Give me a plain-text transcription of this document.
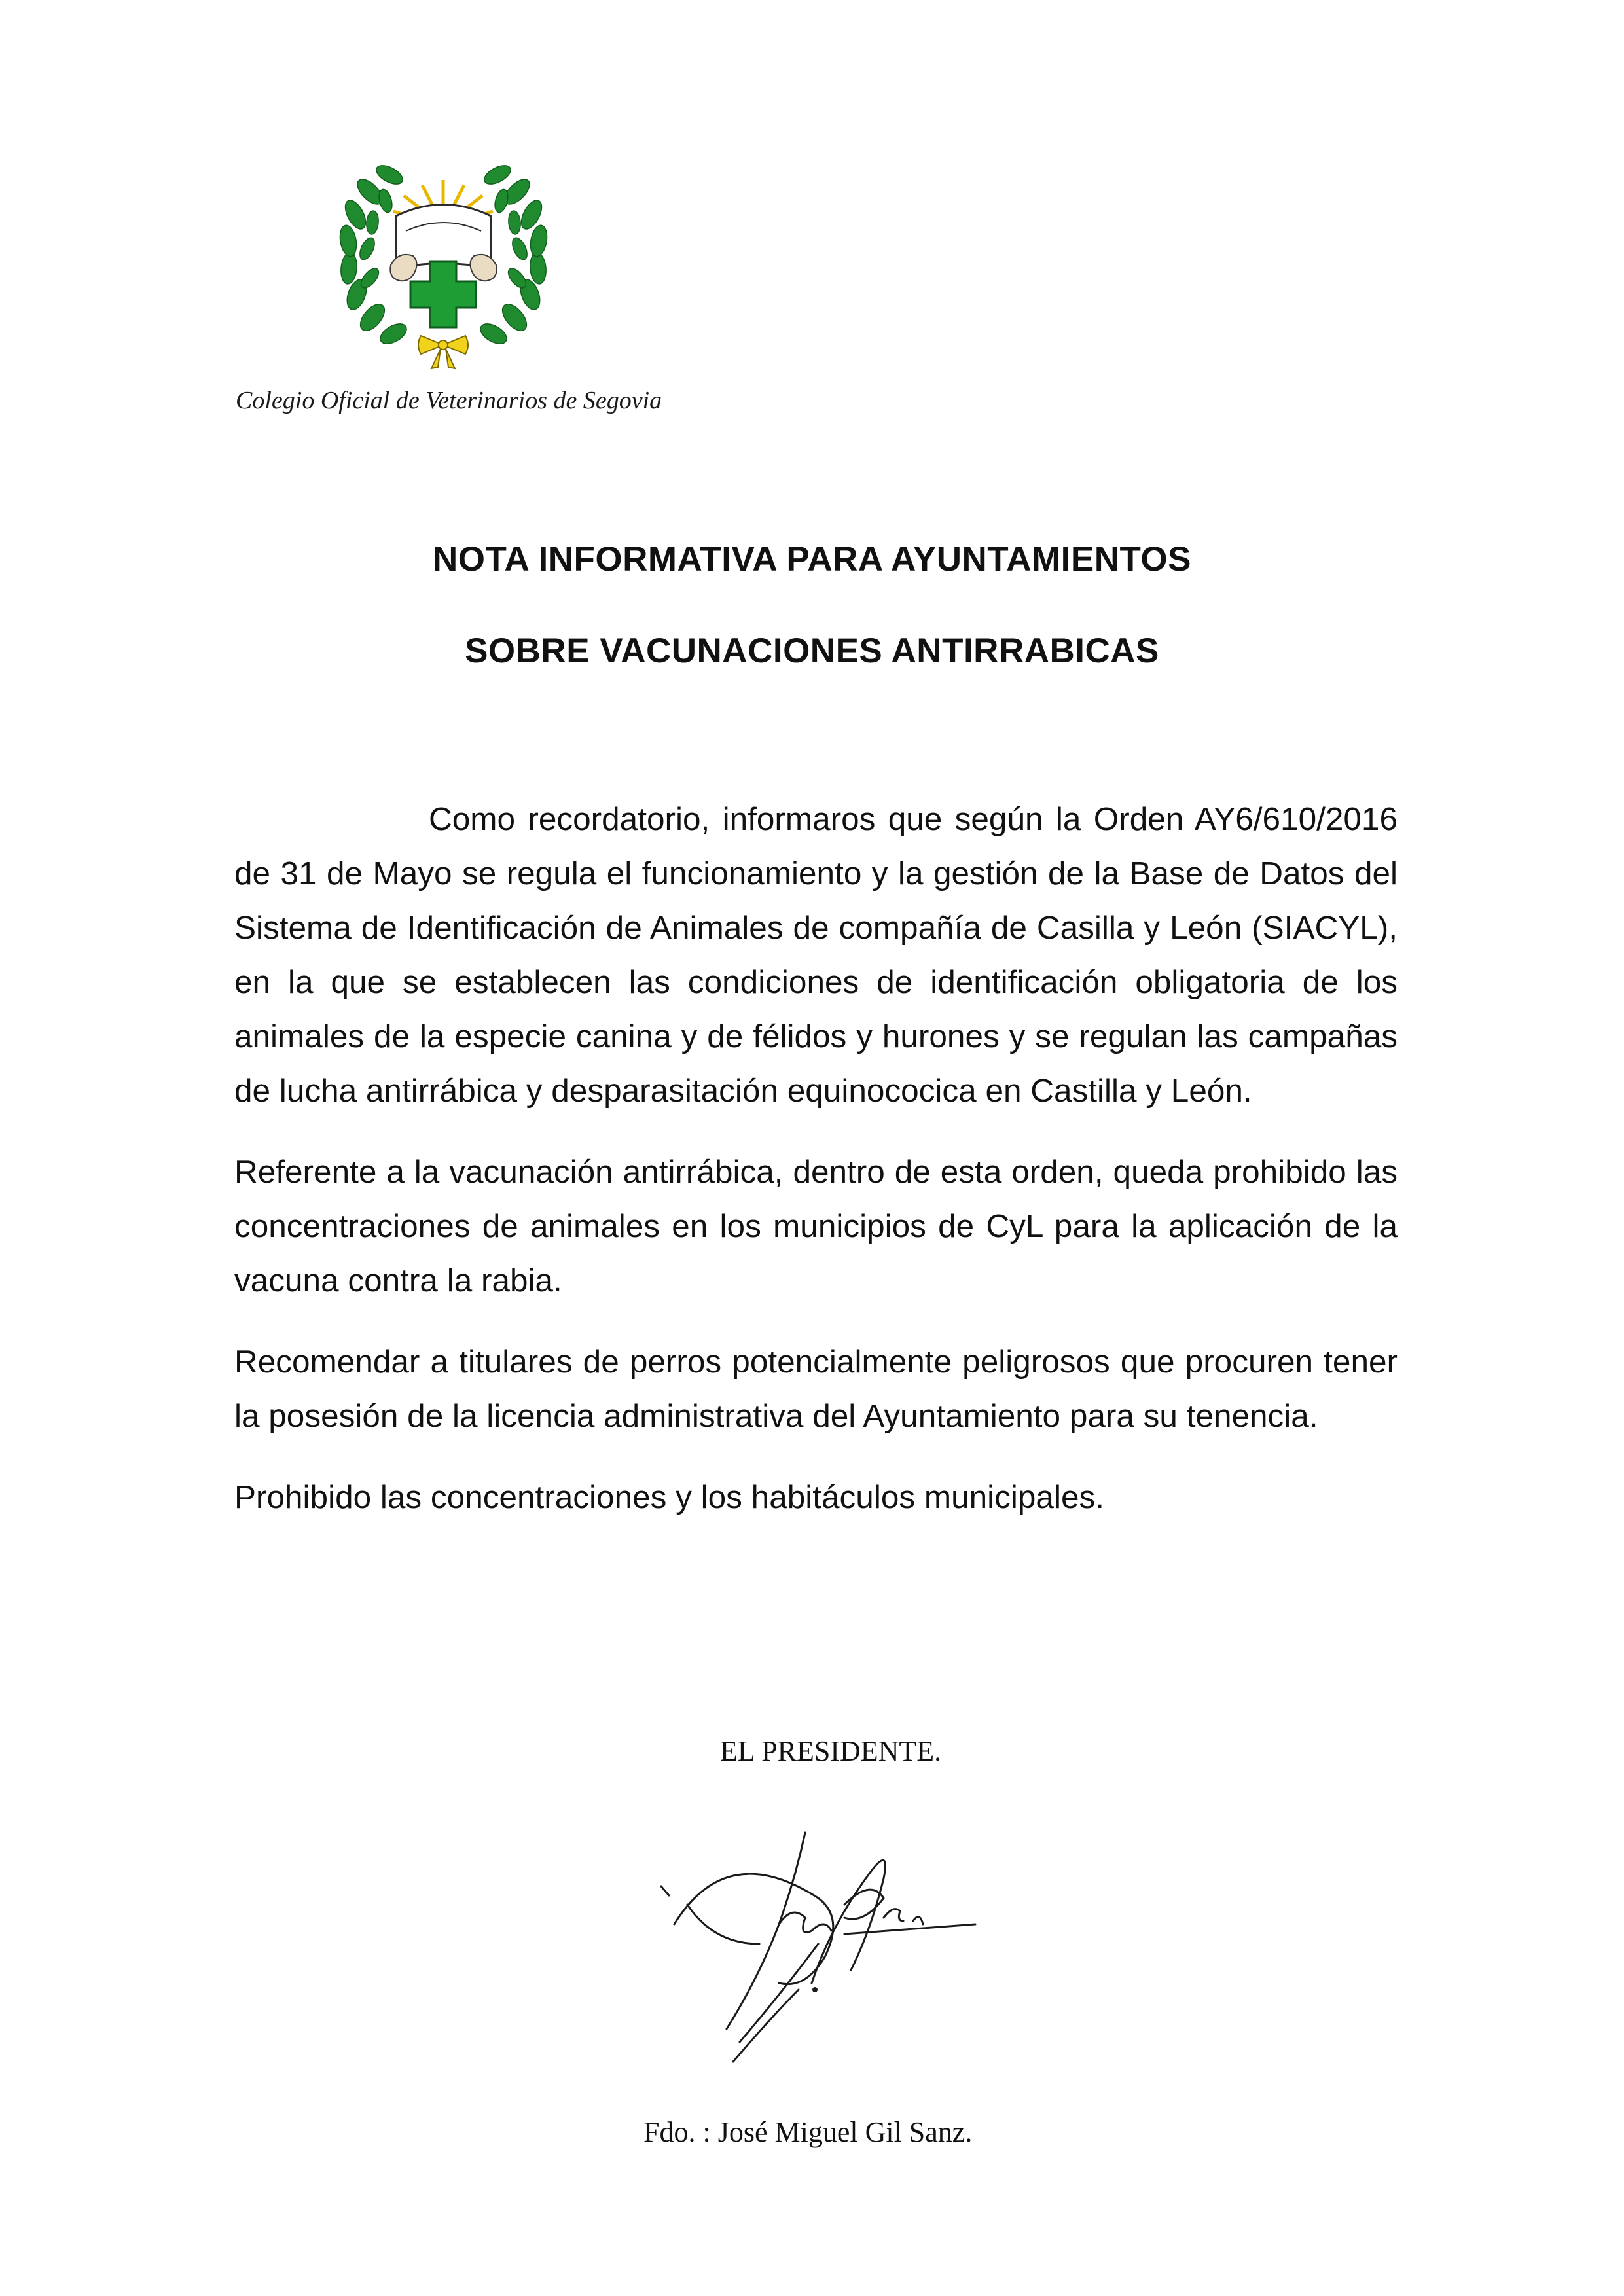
Colegio Oficial de Veterinarios de Segovia
NOTA INFORMATIVA PARA AYUNTAMIENTOS
SOBRE VACUNACIONES ANTIRRABICAS

Como recordatorio, informaros que según la Orden AY6/610/2016 de 31 de Mayo se regula el funcionamiento y la gestión de la Base de Datos del Sistema de Identificación de Animales de compañía de Casilla y León (SIACYL), en la que se establecen las condiciones de identificación obligatoria de los animales de la especie canina y de félidos y hurones y se regulan las campañas de lucha antirrábica y desparasitación equinococica en Castilla y León.

Referente a la vacunación antirrábica, dentro de esta orden, queda prohibido las concentraciones de animales en los municipios de CyL para la aplicación de la vacuna contra la rabia.

Recomendar a titulares de perros potencialmente peligrosos que procuren tener la posesión de la licencia administrativa del Ayuntamiento para su tenencia.

Prohibido las concentraciones y los habitáculos municipales.

EL PRESIDENTE.
Fdo. : José Miguel Gil Sanz.
